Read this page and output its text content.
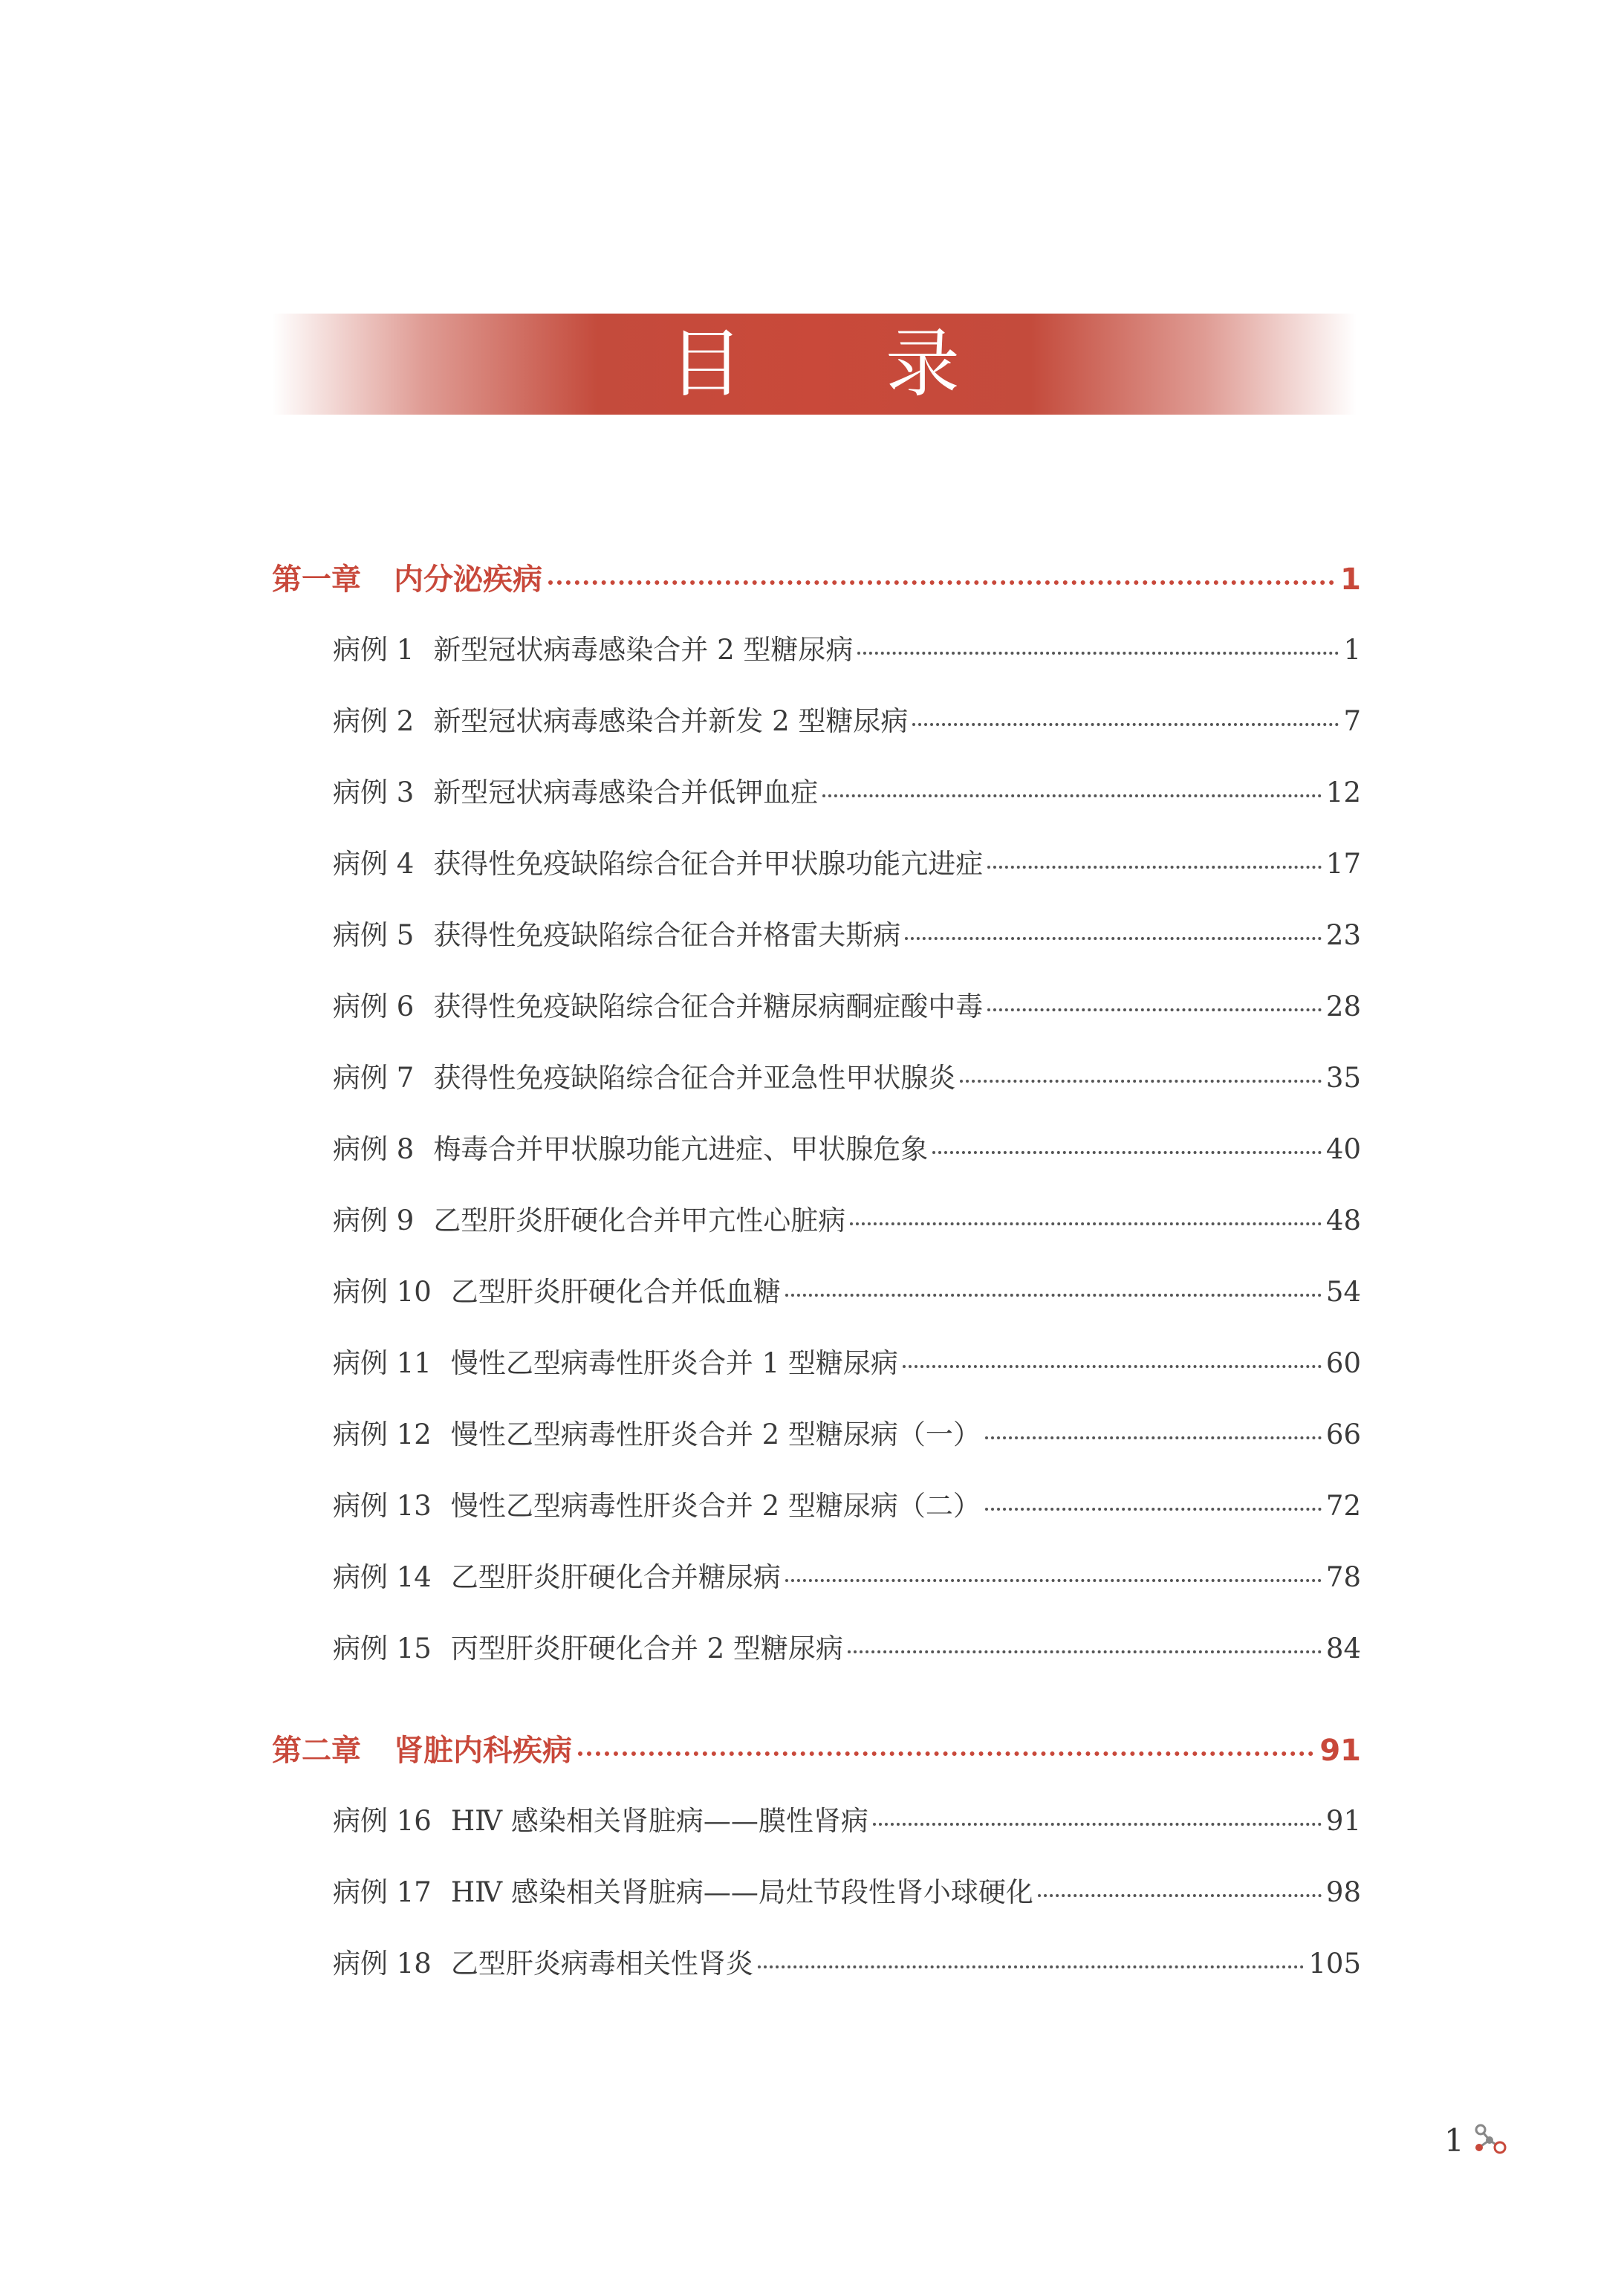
目 录
第一章 内分泌疾病	1
病例 1 新型冠状病毒感染合并 2 型糖尿病	1
病例 2 新型冠状病毒感染合并新发 2 型糖尿病	7
病例 3 新型冠状病毒感染合并低钾血症	12
病例 4 获得性免疫缺陷综合征合并甲状腺功能亢进症	17
病例 5 获得性免疫缺陷综合征合并格雷夫斯病	23
病例 6 获得性免疫缺陷综合征合并糖尿病酮症酸中毒	28
病例 7 获得性免疫缺陷综合征合并亚急性甲状腺炎	35
病例 8 梅毒合并甲状腺功能亢进症、甲状腺危象	40
病例 9 乙型肝炎肝硬化合并甲亢性心脏病	48
病例 10 乙型肝炎肝硬化合并低血糖	54
病例 11 慢性乙型病毒性肝炎合并 1 型糖尿病	60
病例 12 慢性乙型病毒性肝炎合并 2 型糖尿病（一）	66
病例 13 慢性乙型病毒性肝炎合并 2 型糖尿病（二）	72
病例 14 乙型肝炎肝硬化合并糖尿病	78
病例 15 丙型肝炎肝硬化合并 2 型糖尿病	84
第二章 肾脏内科疾病	91
病例 16 HⅣ 感染相关肾脏病——膜性肾病	91
病例 17 HⅣ 感染相关肾脏病——局灶节段性肾小球硬化	98
病例 18 乙型肝炎病毒相关性肾炎	105
1
